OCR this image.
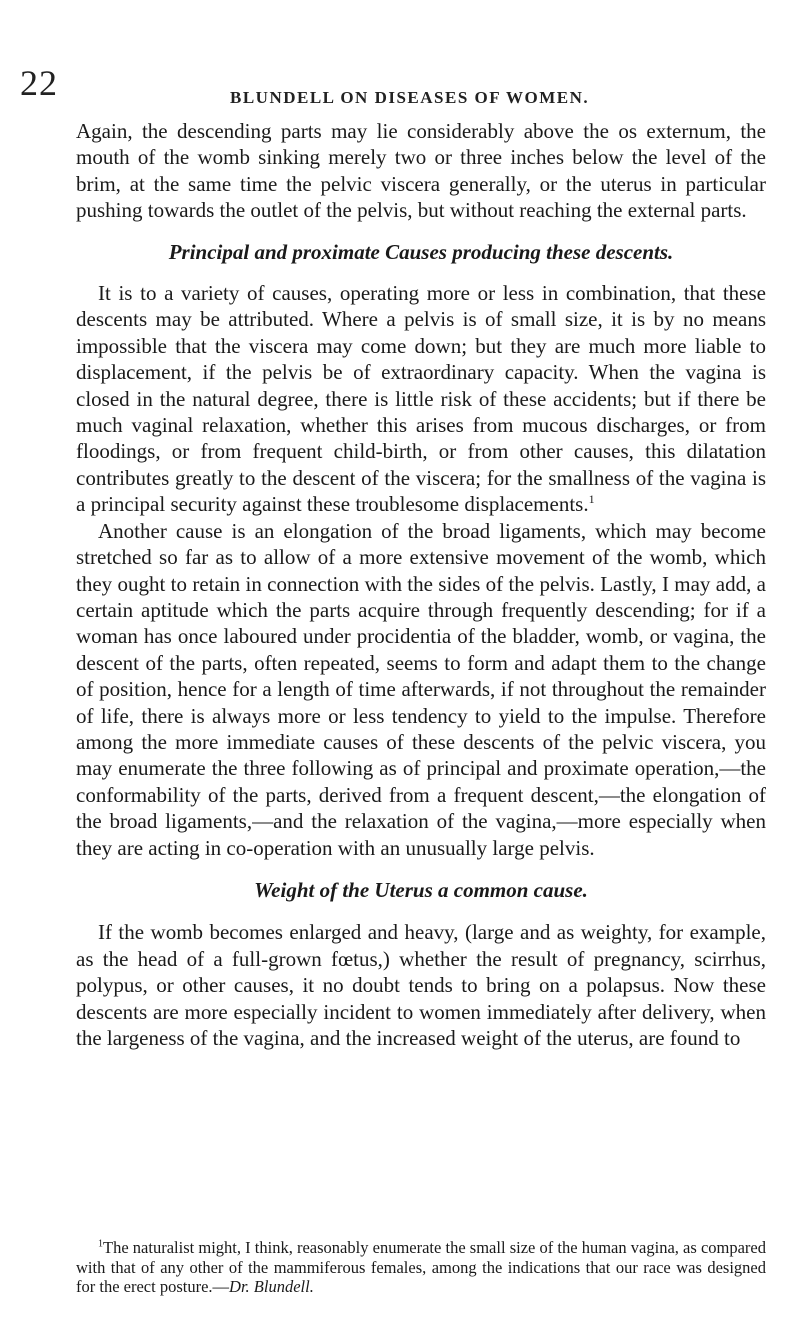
22	BLUNDELL ON DISEASES OF WOMEN.

Again, the descending parts may lie considerably above the os externum, the mouth of the womb sinking merely two or three inches below the level of the brim, at the same time the pelvic viscera generally, or the uterus in particular pushing towards the outlet of the pelvis, but without reaching the external parts.

Principal and proximate Causes producing these descents.

It is to a variety of causes, operating more or less in combination, that these descents may be attributed. Where a pelvis is of small size, it is by no means impossible that the viscera may come down; but they are much more liable to displacement, if the pelvis be of extraordinary capacity. When the vagina is closed in the natural degree, there is little risk of these accidents; but if there be much vaginal relaxation, whether this arises from mucous discharges, or from floodings, or from frequent child-birth, or from other causes, this dilatation contributes greatly to the descent of the viscera; for the smallness of the vagina is a principal security against these troublesome displacements.$^1$

Another cause is an elongation of the broad ligaments, which may become stretched so far as to allow of a more extensive movement of the womb, which they ought to retain in connection with the sides of the pelvis. Lastly, I may add, a certain aptitude which the parts acquire through frequently descending; for if a woman has once laboured under procidentia of the bladder, womb, or vagina, the descent of the parts, often repeated, seems to form and adapt them to the change of position, hence for a length of time afterwards, if not throughout the remainder of life, there is always more or less tendency to yield to the impulse. Therefore among the more immediate causes of these descents of the pelvic viscera, you may enumerate the three following as of principal and proximate operation,—the conformability of the parts, derived from a frequent descent,—the elongation of the broad ligaments,—and the relaxation of the vagina,—more especially when they are acting in co-operation with an unusually large pelvis.

Weight of the Uterus a common cause.

If the womb becomes enlarged and heavy, (large and as weighty, for example, as the head of a full-grown fœtus,) whether the result of pregnancy, scirrhus, polypus, or other causes, it no doubt tends to bring on a polapsus. Now these descents are more especially incident to women immediately after delivery, when the largeness of the vagina, and the increased weight of the uterus, are found to

$^1$The naturalist might, I think, reasonably enumerate the small size of the human vagina, as compared with that of any other of the mammiferous females, among the indications that our race was designed for the erect posture.—Dr. Blundell.
